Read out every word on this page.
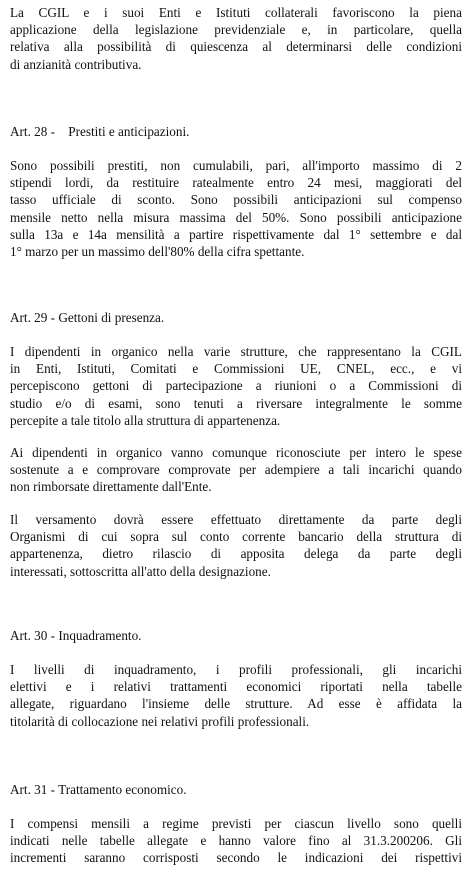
La CGIL e i suoi Enti e Istituti collaterali favoriscono la piena
applicazione della legislazione previdenziale e, in particolare, quella
relativa alla possibilità di quiescenza al determinarsi delle condizioni
di anzianità contributiva.

Art. 28 -    Prestiti e anticipazioni.

Sono possibili prestiti, non cumulabili, pari, all'importo massimo di 2
stipendi lordi, da restituire ratealmente entro 24 mesi, maggiorati del
tasso ufficiale di sconto. Sono possibili anticipazioni sul compenso
mensile netto nella misura massima del 50%. Sono possibili anticipazione
sulla 13a e 14a mensilità a partire rispettivamente dal 1° settembre e dal
1° marzo per un massimo dell'80% della cifra spettante.

Art. 29 - Gettoni di presenza.

I dipendenti in organico nella varie strutture, che rappresentano la CGIL
in Enti, Istituti, Comitati e Commissioni UE, CNEL, ecc., e vi
percepiscono gettoni di partecipazione a riunioni o a Commissioni di
studio e/o di esami, sono tenuti a riversare integralmente le somme
percepite a tale titolo alla struttura di appartenenza.

Ai dipendenti in organico vanno comunque riconosciute per intero le spese
sostenute a e comprovare comprovate per adempiere a tali incarichi quando
non rimborsate direttamente dall'Ente.

Il versamento dovrà essere effettuato direttamente da parte degli
Organismi di cui sopra sul conto corrente bancario della struttura di
appartenenza, dietro rilascio di apposita delega da parte degli
interessati, sottoscritta all'atto della designazione.

Art. 30 - Inquadramento.

I livelli di inquadramento, i profili professionali, gli incarichi
elettivi e i relativi trattamenti economici riportati nella tabelle
allegate, riguardano l'insieme delle strutture. Ad esse è affidata la
titolarità di collocazione nei relativi profili professionali.

Art. 31 - Trattamento economico.

I compensi mensili a regime previsti per ciascun livello sono quelli
indicati nelle tabelle allegate e hanno valore fino al 31.3.200206. Gli
incrementi saranno corrisposti secondo le indicazioni dei rispettivi
